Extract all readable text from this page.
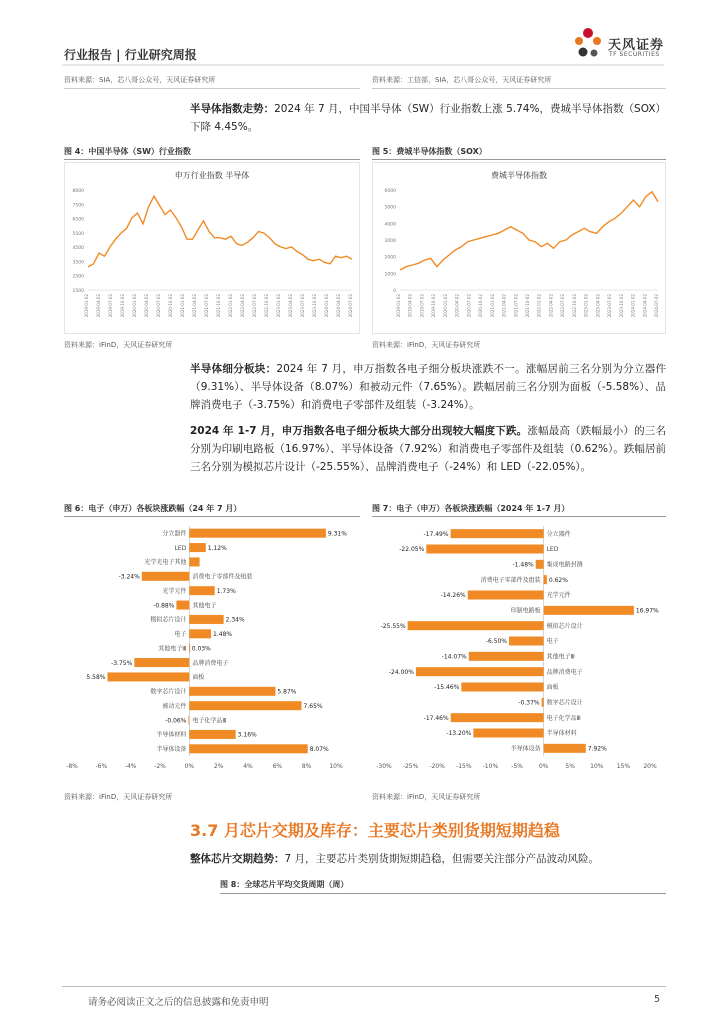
行业报告 | 行业研究周报
天风证券
TF SECURITIES
资料来源：SIA，芯八哥公众号，天风证券研究所	资料来源：工信部，SIA，芯八哥公众号，天风证券研究所
半导体指数走势：2024 年 7 月，中国半导体（SW）行业指数上涨 5.74%，费城半导体指数（SOX）下降 4.45%。
图 4：中国半导体（SW）行业指数
申万行业指数 半导体
8000
7500
6500
5500
4500
3500
2500
1500
2019-01-02 2019-04-02 2019-07-02 2019-10-02 2020-01-02 2020-04-02 2020-07-02 2020-10-02 2021-01-02 2021-04-02 2021-07-02 2021-10-02 2022-01-02 2022-04-02 2022-07-02 2022-10-02 2023-01-02 2023-04-02 2023-07-02 2023-10-02 2024-01-02 2024-04-02 2024-07-02
资料来源：iFinD，天风证券研究所
图 5：费城半导体指数（SOX）
费城半导体指数
6000
5000
4000
3000
2000
1000
0
2019-01-02 2019-04-02 2019-07-02 2019-10-02 2020-01-02 2020-04-02 2020-07-02 2020-10-02 2021-01-02 2021-04-02 2021-07-02 2021-10-02 2022-01-02 2022-04-02 2022-07-02 2022-10-02 2023-01-02 2023-04-02 2023-07-02 2023-10-02 2024-01-02 2024-04-02 2024-07-02
资料来源：iFinD，天风证券研究所
半导体细分板块：2024 年 7 月，申万指数各电子细分板块涨跌不一。涨幅居前三名分别为分立器件（9.31%）、半导体设备（8.07%）和被动元件（7.65%）。跌幅居前三名分别为面板（-5.58%）、品牌消费电子（-3.75%）和消费电子零部件及组装（-3.24%）。
2024 年 1-7 月，申万指数各电子细分板块大部分出现较大幅度下跌。涨幅最高（跌幅最小）的三名分别为印刷电路板（16.97%）、半导体设备（7.92%）和消费电子零部件及组装（0.62%）。跌幅居前三名分别为模拟芯片设计（-25.55%）、品牌消费电子（-24%）和 LED（-22.05%）。
图 6：电子（申万）各板块涨跌幅（24 年 7 月）
分立器件	9.31%
LED	1.12%
光学光电子其他
消费电子零部件及组装
-3.24%
光学元件	1.73%
其他电子
-0.88%
模拟芯片设计	2.34%
电子	1.48%
其他电子Ⅲ 0.03%
品牌消费电子
-3.75%
面板
5.58%
数字芯片设计	5.87%
被动元件	7.65%
电子化学品Ⅲ
-0.06%
半导体材料	3.16%
半导体设备	8.07%
-8%	-6%	-4%	-2%	0%	2%	4%	6%	8%	10%
资料来源：iFinD，天风证券研究所
图 7：电子（申万）各板块涨跌幅（2024 年 1-7 月）
分立器件
-17.49%
LED
-22.05%
集成电路封测
-1.48%
消费电子零部件及组装 0.62%
光学元件
-14.26%
印制电路板	16.97%
模拟芯片设计
-25.55%
电子
-6.50%
其他电子Ⅲ
-14.07%
品牌消费电子
-24.00%
面板
-15.46%
数字芯片设计
-0.37%
电子化学品Ⅲ
-17.46%
半导体材料
-13.20%
半导体设备	7.92%
-30% -25% -20% -15% -10% -5%	0%	5%	10% 15% 20%
资料来源：iFinD，天风证券研究所
3.7 月芯片交期及库存：主要芯片类别货期短期趋稳
整体芯片交期趋势：7 月，主要芯片类别货期短期趋稳，但需要关注部分产品波动风险。
图 8：全球芯片平均交货周期（周）
请务必阅读正文之后的信息披露和免责申明	5
